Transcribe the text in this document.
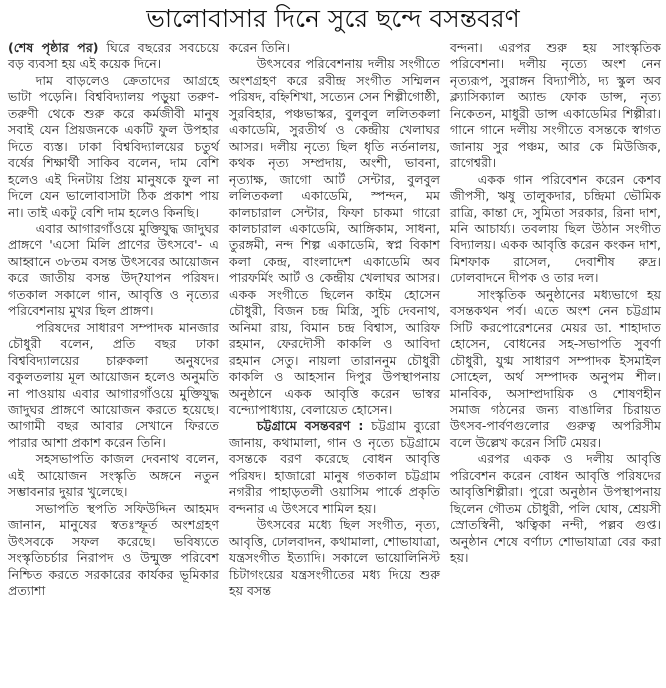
ভালোবাসার দিনে সুরে ছন্দে বসন্তবরণ

(শেষ পৃষ্ঠার পর) ঘিরে বছরের সবচেয়ে বড় ব্যবসা হয় এই কয়েক দিনে।

দাম বাড়লেও ক্রেতাদের আগ্রহে ভাটা পড়েনি। বিশ্ববিদ্যালয় পড়ুয়া তরুণ-তরুণী থেকে শুরু করে কর্মজীবী মানুষ সবাই যেন প্রিয়জনকে একটি ফুল উপহার দিতে ব্যস্ত। ঢাকা বিশ্ববিদ্যালয়ের চতুর্থ বর্ষের শিক্ষার্থী সাকিব বলেন, দাম বেশি হলেও এই দিনটায় প্রিয় মানুষকে ফুল না দিলে যেন ভালোবাসাটা ঠিক প্রকাশ পায় না। তাই একটু বেশি দাম হলেও কিনছি।

এবার আগারগাঁওয়ে মুক্তিযুদ্ধ জাদুঘর প্রাঙ্গণে 'এসো মিলি প্রাণের উৎসবে'- এ আহ্বানে ৩৮তম বসন্ত উৎসবের আয়োজন করে জাতীয় বসন্ত উদ্?যাপন পরিষদ। গতকাল সকালে গান, আবৃত্তি ও নৃত্যের পরিবেশনায় মুখর ছিল প্রাঙ্গণ।

পরিষদের সাধারণ সম্পাদক মানজার চৌধুরী বলেন, প্রতি বছর ঢাকা বিশ্ববিদ্যালয়ের চারুকলা অনুষদের বকুলতলায় মূল আয়োজন হলেও অনুমতি না পাওয়ায় এবার আগারগাঁওয়ে মুক্তিযুদ্ধ জাদুঘর প্রাঙ্গণে আয়োজন করতে হয়েছে। আগামী বছর আবার সেখানে ফিরতে পারার আশা প্রকাশ করেন তিনি।

সহসভাপতি কাজল দেবনাথ বলেন, এই আয়োজন সংস্কৃতি অঙ্গনে নতুন সম্ভাবনার দুয়ার খুলেছে।

সভাপতি স্থপতি সফিউদ্দিন আহমদ জানান, মানুষের স্বতঃস্ফূর্ত অংশগ্রহণ উৎসবকে সফল করেছে। ভবিষ্যতে সংস্কৃতিচর্চার নিরাপদ ও উন্মুক্ত পরিবেশ নিশ্চিত করতে সরকারের কার্যকর ভূমিকার প্রত্যাশা

করেন তিনি।

উৎসবের পরিবেশনায় দলীয় সংগীতে অংশগ্রহণ করে রবীন্দ্র সংগীত সম্মিলন পরিষদ, বহ্নিশিখা, সত্যেন সেন শিল্পীগোষ্ঠী, সুরবিহার, পঞ্চভাস্কর, বুলবুল ললিতকলা একাডেমি, সুরতীর্থ ও কেন্দ্রীয় খেলাঘর আসর। দলীয় নৃত্যে ছিল ধৃতি নর্তনালয়, কথক নৃত্য সম্প্রদায়, অংশী, ভাবনা, নৃত্যাক্ষ, জাগো আর্ট সেন্টার, বুলবুল ললিতকলা একাডেমি, স্পন্দন, মম কালচারাল সেন্টার, ফিফা চাকমা গারো কালচারাল একাডেমি, আঙ্গিকাম, সাধনা, তুরঙ্গমী, নন্দ শিল্প একাডেমি, স্বপ্ন বিকাশ কলা কেন্দ্র, বাংলাদেশ একাডেমি অব পারফর্মিং আর্ট ও কেন্দ্রীয় খেলাঘর আসর। একক সংগীতে ছিলেন কাইম হোসেন চৌধুরী, বিজন চন্দ্র মিস্ত্রি, সুচি দেবনাথ, অনিমা রায়, বিমান চন্দ্র বিশ্বাস, আরিফ রহমান, ফেরদৌসী কাকলি ও আবিদা রহমান সেতু। নায়লা তারাননুম চৌধুরী কাকলি ও আহসান দিপুর উপস্থাপনায় অনুষ্ঠানে একক আবৃত্তি করেন ভাস্বর বন্দ্যোপাধ্যায়, বেলায়েত হোসেন।

চট্টগ্রামে বসন্তবরণ : চট্টগ্রাম ব্যুরো জানায়, কথামালা, গান ও নৃত্যে চট্টগ্রামে বসন্তকে বরণ করেছে বোধন আবৃত্তি পরিষদ। হাজারো মানুষ গতকাল চট্টগ্রাম নগরীর পাহাড়তলী ওয়াসিম পার্কে প্রকৃতি বন্দনার এ উৎসবে শামিল হয়।

উৎসবের মধ্যে ছিল সংগীত, নৃত্য, আবৃত্তি, ঢোলবাদন, কথামালা, শোভাযাত্রা, যন্ত্রসংগীত ইত্যাদি। সকালে ভায়োলিনিস্ট চিটাগংয়ের যন্ত্রসংগীতের মধ্য দিয়ে শুরু হয় বসন্ত

বন্দনা। এরপর শুরু হয় সাংস্কৃতিক পরিবেশনা। দলীয় নৃত্যে অংশ নেন নৃত্যরূপ, সুরাঙ্গন বিদ্যাপীঠ, দ্য স্কুল অব ক্ল্যাসিক্যাল অ্যান্ড ফোক ডান্স, নৃত্য নিকেতন, মাধুরী ডান্স একাডেমির শিল্পীরা। গানে গানে দলীয় সংগীতে বসন্তকে স্বাগত জানায় সুর পঞ্চম, আর কে মিউজিক, রাগেশ্বরী।

একক গান পরিবেশন করেন কেশব জীপসী, ঋষু তালুকদার, চন্দ্রিমা ভৌমিক রাত্রি, কান্তা দে, সুমিতা সরকার, রিনা দাশ, মনি আচার্য্য। তবলায় ছিল উঠান সংগীত বিদ্যালয়। একক আবৃত্তি করেন কংকন দাশ, মিশফাক রাসেল, দেবাশীষ রুদ্র। ঢোলবাদনে দীপক ও তার দল।

সাংস্কৃতিক অনুষ্ঠানের মধ্যভাগে হয় বসন্তকথন পর্ব। এতে অংশ নেন চট্টগ্রাম সিটি করপোরেশনের মেয়র ডা. শাহাদাত হোসেন, বোধনের সহ-সভাপতি সুবর্ণা চৌধুরী, যুগ্ম সাধারণ সম্পাদক ইসমাইল সোহেল, অর্থ সম্পাদক অনুপম শীল। মানবিক, অসাম্প্রদায়িক ও শোষণহীন সমাজ গঠনের জন্য বাঙালির চিরায়ত উৎসব-পার্বণগুলোর গুরুত্ব অপরিসীম বলে উল্লেখ করেন সিটি মেয়র।

এরপর একক ও দলীয় আবৃত্তি পরিবেশন করেন বোধন আবৃত্তি পরিষদের আবৃত্তিশিল্পীরা। পুরো অনুষ্ঠান উপস্থাপনায় ছিলেন গৌতম চৌধুরী, পলি ঘোষ, শ্রেয়সী স্রোতস্বিনী, ঋত্বিকা নন্দী, পল্লব গুপ্ত। অনুষ্ঠান শেষে বর্ণাঢ্য শোভাযাত্রা বের করা হয়।
